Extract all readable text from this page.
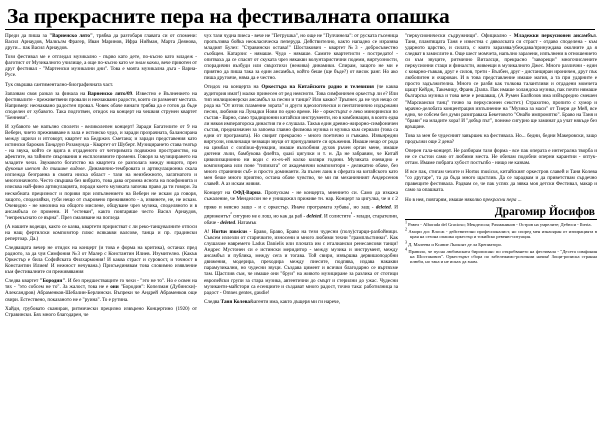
За прекрасните пера на фестивалната опашка

Преди да пиша за "Варненско лято", трябва да разтобаря главата си от спомени: Васил Арнаудов, Малкълм Фрагер, Иван Маринов, Ифра Нийман, Марта Деянова, други... пак Васил Арнаудов.

Този фестивал ме е отгледал музикално - първо като дете, по-късно като младеж - фаготист от Музикалното училище, а още по-късно като че знам какви, вече приютен от друг фестивал - "Мартенски музикални дни". Това е моята музикална дъга - Варна-Русе.

Тук свършва сантиментално-биографичната част.

Запазвам своя разказ за финала на Варненско лято/09. Известно е Вълнението на фестивалите - преживетвени провали и неочаквани радости, които си разменят местата. Например: неочаквано радостен провал. Човек обаче винаги трябва да е готов да бъде споделен от хубавото. Така подготвен, отидох на концерт на чешкия струнен квартет "Бенневи".

И хубавото ме напълно сполети - великолепен концерт! Заради Багателите от 9 на Веберн, чието преживяване в зала е истинско чудо, и заради прозрачната, балансирана между щрихи и итговорт, квартет на Бедржих Сметана; и заради представения като истински бароков Танцгруп Розамунда - Квартет от Шуберт. Музицирането става театър - на звука, който се вдига в отдаденото от четиримата подвижно пространство, на афектите, на тайните свързвания и експлозивните промени. Говоря за музицирането на младите чехи. Звуковото богатство на квартета се разполага между нищото, през фуковия шепот до тишине видове. Динамично-тембровата и артикулационна скала изглежда безгранна в своята ниска област - тази на неизбежното, загатнатото и многозначното. Често свършва без вибрато, това дава огромна яснота на поифонията и изисква най-фино артикулацията, поради което музиката започва право да ти говори. За нескобната прецизност и пориви при изпълнението на Веберн не искам да говоря, защото, споделяйки, губи нещо от съкровено преживяното - а, извинете, не, не искам. Очевидно - не мнозина на общото мислене, общуване чрез музика, споделяното и в ансамбъла се промени. И "естеван", както повтаряше често Васил Арнаудов, "непрекъснато се върна". През смаляване на погледа

(А нашите водещи, както се казва, квартети приристват с ли реко-танцувалните отпоси на нащ фертилски композитор плюс всякакви валсове, танца и пр. градински репертоар. Да.)

Следващата вечер не отидох на концерт (и това е форма на критика), останах пред радиото, за да чуя Симфония №3 от Малер с Константин Илиев. Изумително. (Какъв Оркестър е била Софийската Филхармония! И каква страст и суровост, и точност в Константин Илиев! И нежност нечувана.) Присъединявам това словимно изявление към фестивалните си преживявания

Следва квартет "Бородин". И без предшестващите го чехи - "это не то". Но е освен на тях - "это собсем не то". За жалост, това не е они "Бородин": Копелман (Дубински)-Александров) Абраменков-Шебалин-Берлински. Въпреки че Андрей Абраменков още свири. Естествено, показаното не е "руина". То е рутина.

Хайдн, грубовато сканиран, ритмически прецизно извърено Концертино (1920) от Стравински. Бях много благодарен, че

чух тази чудна пиеса - вече не "Петрушка", но още не "Пулчинела": от руската гъсеница пропълзява бойка неокласическа пеперуда. Действително, както нападно се изразява младият Булез: "Стравински остава!" Шостакович - квартет №3 - добросъвестно съобщен. Катарзис - нямаше. Чудо - нямаше. Самите квартетисти - постредато! - опитваха да се спасят от скуката чрез някакви волунтаристични подеми, виртуозности, спорадични възбуди или свърхтихи (нежива) динамики. Спирам, защото не ми е приятно да пиша така за един ансамбъл, който беше (ще бъде?) от висок ранг. Но ако пиша другояче, няма да е честно.

Отидох на концерта на Оркестъра на Китайското радио и телевизия (че каква аудитория имат!) малко принесен от ред неясноти. Това симфоничен оркестър ли е? Или тип милиционерски ансамбъл за песни и танци? Или какво? Тръпнех да не чуя нещо от рода на "От изток пламенне зората" и други идеологически и пентатонично издържани песни, любими на Лунадки Нови по едно време. Не - оркестърът е леко минорински по състав - Варно, само традиционни китайски инструменти, но в комбинации, в които едва ли някоя императорска династия ги е слушала. Такъв един древно-жирорно-симфоничен състав, предназначен за запоева главно филмова музика и музика към сериали (това са едни от програмата). Но свирят прекрасно - много поетично и гъвкаво. Извънредни виртуози, извличащи чезващи звуци от причудливите си оръжения. Имаше нещо от рода на цимбал с continuo-функции, имаше възхобния духов ръчен орган мене, имаше дютени лъчи, бамбукова флейта, quasi цигулки и т. н. Да не забравим, че Китай цивилизационно ни води с ех-ех-ей колко килври години. Музиката очевидно е композирана или поне "типизата" от академични композитори - деликатно обаче, без много странични съб- и просто доминанти. За пълен лаик в сферата на китайското като мен беше много приятно, остана обаче чувство, че ми пя механичният Андерсенов славей. А аз искам живия.

Концерт на ОФД-Варна. Пропускам - не концерта, мнението си. Само да изкажа съжаление, че Менделсон не е унищожил приживе тн. нар. Концерт за цигулка, че и с 2 пряко и неясно защо - и с оркестър. Иначе програмата хубава$^{^1}$, но защ - deleted. И дирижентът$^{^2}$ сигурно не е лош, но как да раб - deleted. И солистите$^{^3}$ - млади, старателни, обаче - deleted. Натамък

А! Hortus musicus - Браво, Браво, Браво на тези чудесни (полу)старци-разбойници. Съвсем излезли от старичките, износени и много любими техни "грамплъстинки". Как слушахме навремето Ladus Danielis или плочата им с италиански ренесансови танци! Андрес Мустонен си е истински меридитор - между музика и инструмент, между ансамбъл и публика, между сега и тогава. Той свири, извършва дервишоподобни движения, модерира, преходира между пиесите, подпява, издава накакви парамузикални, но чудесни звуци. Създава цимент и всички благодарно се въртяхме там. Щастлив съм, че имаше они "бруи" на живото музициране за разлика от стотици европейски групи за стара музика, автентични до смърт и стерилни до ужас. Чудесни музиканти-майстори са есенциите и създават много радост, точно така: работилница за радост - Omnes gentes, gaudie!

Следва Таня Колева&агенти има, както дъщеря ми ги нарече,

"перкусионически съдружници". Официално - Младежки перкусионен ансамбъл. Таня, пламтящата Таня е известна с дяволската си страст - отдаво споделена - към ударното царство, и силата, с която заразява/убеждава/принуждава околните да я следват в замислите в. Още шест момчета, напълно заразени, изпълнени в отношението си към звуците, ритмично Виталсци, прекрасно "заворещи" многочислените перкусионни стаци и финалсти, живеещи в музикалното Джес. Много различни - един с коварно-гъвкав, друг е силов, трети - Вълбен, друг - дистанциран ироничен, друг пък любопитен и очарован. И в това представление имаше магия, а та при ударните е просто задължителна. Много се разбя как толкова талантливи и отдадени момчета щащт Кейдж, Такемицу, Франк Дзапа. Пак имаше холандска музика, пак почти нямаше българска музика и това вече е решаващ. (А Румен Балйозов има изВърредно смешен "Марсиански танц" точно за перкусионен секстет.) Страхотно, пропито с хумор и мрачно-делобата концентрация изпълнение на "Музика за маси" от Тиери де Мей, все едно, че собсем без думи разиграваха Бекетовото "Онайо импромптю". Браво на Таня и "брави" на младите хора! И "добър път", понеже сигурно ще заминат да учат някъде без връщане.

Това за мен бе чудесният завършек на фестивала. Но... бедни, бедни Макеровски, защо продължи още 2 дена?

Оперен гала-концерт. Не разбирам тази форма - все пак операта е интегрална творба и не се състои само от любими места. Не обичам подобни оперни карантии - оптук-оттам. Имаме побрата хубост постъпбо - нищо не казвам.

И все пак, стигам чехите и Hortus musicus, китайският оркестров славей и Таня Колева "со другаре", та да бъда много щастлив. Да се зарадвам и да приветствам сърдечно правещите фестивала. Радвам се, че пак успях да зявка моя детски Фестивал, макар и само за опашката.

Но в нея, повтарям, имаше няколко прекрасни пера ...

Драгомир Йосифов
$^1$ Равел - Alborada del Gracioso; Менделсон; Рахманинов - Остров на умрелите; Дебюси - Iberia.
$^2$ Амори дос Влосж - действително професионалист, но според мен изнасяран от изпирацията в края на сезона опашка оркестър и токийско ревеню-ситуация.
$^3$ Д. Малеева и Ксавие Льоконт дe ла Брепиаторо.
$^4$ Правило, че пусна любимската бирописанс по откробването на фестивала - "Десета симфония на Шостакович". Оркестърът сбора по забележимо-розочнии начин! Зощи-рописка странна илюби, но така и не исках да знам.
